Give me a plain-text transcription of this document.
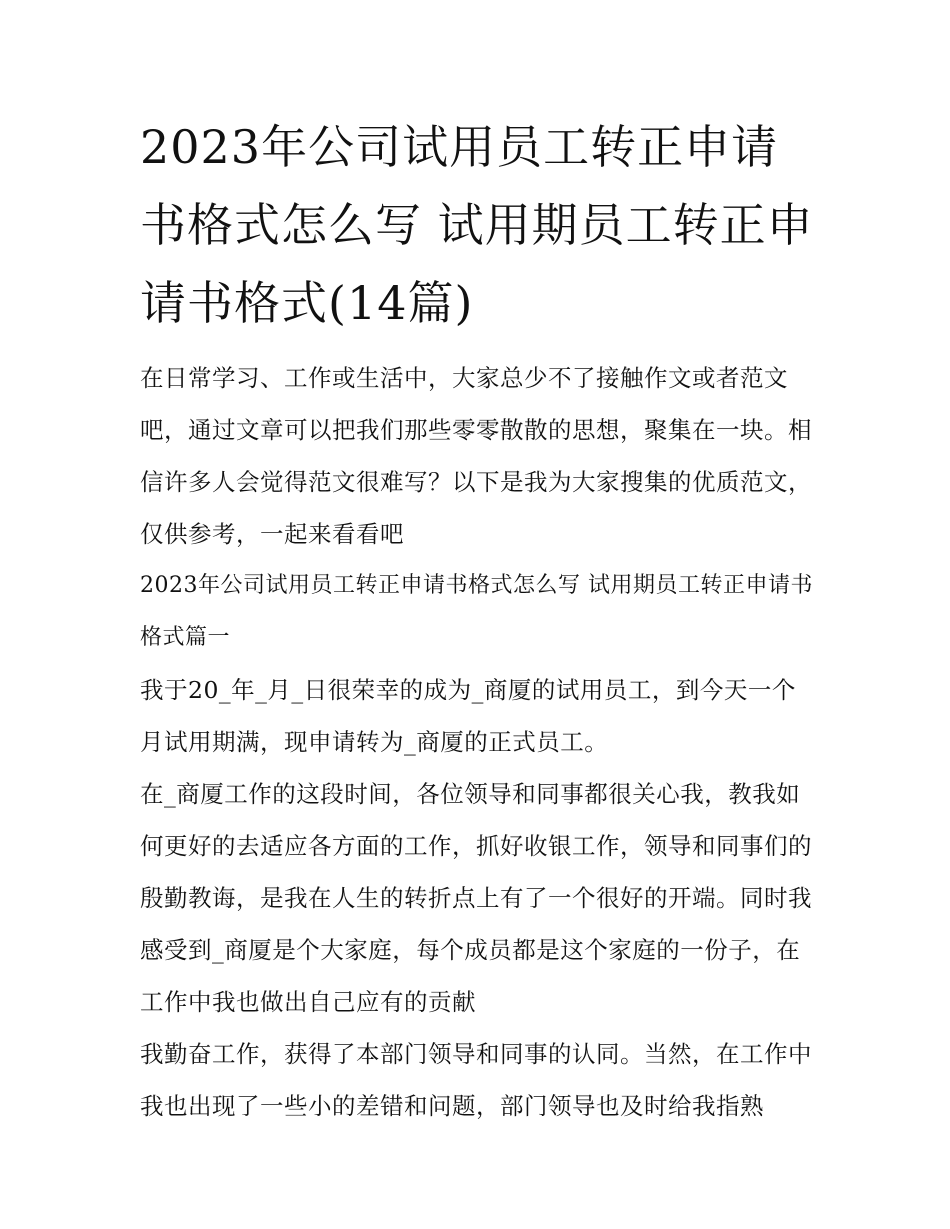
2023年公司试用员工转正申请书格式怎么写 试用期员工转正申请书格式(14篇)

在日常学习、工作或生活中，大家总少不了接触作文或者范文吧，通过文章可以把我们那些零零散散的思想，聚集在一块。相信许多人会觉得范文很难写？以下是我为大家搜集的优质范文，仅供参考，一起来看看吧

2023年公司试用员工转正申请书格式怎么写 试用期员工转正申请书格式篇一

我于20_年_月_日很荣幸的成为_商厦的试用员工，到今天一个月试用期满，现申请转为_商厦的正式员工。

在_商厦工作的这段时间，各位领导和同事都很关心我，教我如何更好的去适应各方面的工作，抓好收银工作，领导和同事们的殷勤教诲，是我在人生的转折点上有了一个很好的开端。同时我感受到_商厦是个大家庭，每个成员都是这个家庭的一份子，在工作中我也做出自己应有的贡献

我勤奋工作，获得了本部门领导和同事的认同。当然，在工作中我也出现了一些小的差错和问题，部门领导也及时给我指熟
